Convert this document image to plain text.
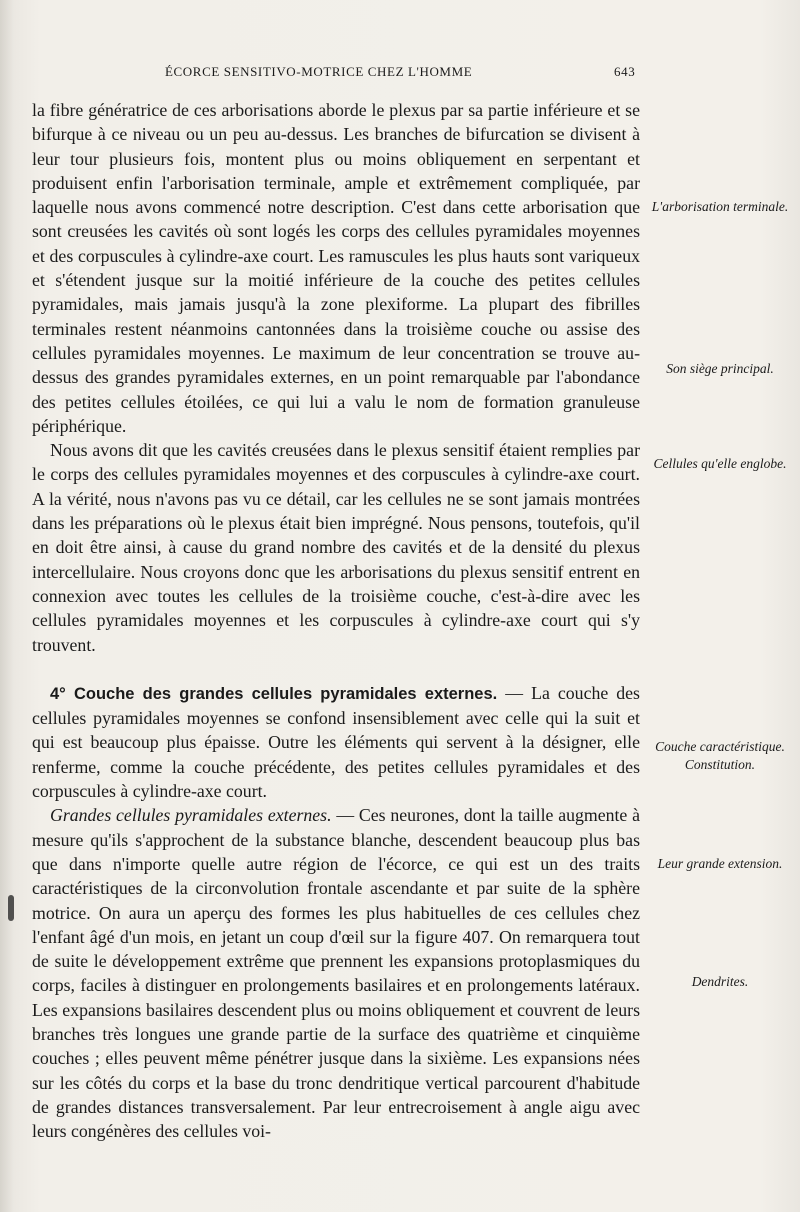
ÉCORCE SENSITIVO-MOTRICE CHEZ L'HOMME	643

la fibre génératrice de ces arborisations aborde le plexus par sa partie inférieure et se bifurque à ce niveau ou un peu au-dessus. Les branches de bifurcation se divisent à leur tour plusieurs fois, montent plus ou moins obliquement en serpentant et produisent enfin l'arborisation terminale, ample et extrêmement compliquée, par laquelle nous avons commencé notre description. C'est dans cette arborisation que sont creusées les cavités où sont logés les corps des cellules pyramidales moyennes et des corpuscules à cylindre-axe court. Les ramuscules les plus hauts sont variqueux et s'étendent jusque sur la moitié inférieure de la couche des petites cellules pyramidales, mais jamais jusqu'à la zone plexiforme. La plupart des fibrilles terminales restent néanmoins cantonnées dans la troisième couche ou assise des cellules pyramidales moyennes. Le maximum de leur concentration se trouve au-dessus des grandes pyramidales externes, en un point remarquable par l'abondance des petites cellules étoilées, ce qui lui a valu le nom de formation granuleuse périphérique.

Nous avons dit que les cavités creusées dans le plexus sensitif étaient remplies par le corps des cellules pyramidales moyennes et des corpuscules à cylindre-axe court. A la vérité, nous n'avons pas vu ce détail, car les cellules ne se sont jamais montrées dans les préparations où le plexus était bien imprégné. Nous pensons, toutefois, qu'il en doit être ainsi, à cause du grand nombre des cavités et de la densité du plexus intercellulaire. Nous croyons donc que les arborisations du plexus sensitif entrent en connexion avec toutes les cellules de la troisième couche, c'est-à-dire avec les cellules pyramidales moyennes et les corpuscules à cylindre-axe court qui s'y trouvent.

4° Couche des grandes cellules pyramidales externes. — La couche des cellules pyramidales moyennes se confond insensiblement avec celle qui la suit et qui est beaucoup plus épaisse. Outre les éléments qui servent à la désigner, elle renferme, comme la couche précédente, des petites cellules pyramidales et des corpuscules à cylindre-axe court.

Grandes cellules pyramidales externes. — Ces neurones, dont la taille augmente à mesure qu'ils s'approchent de la substance blanche, descendent beaucoup plus bas que dans n'importe quelle autre région de l'écorce, ce qui est un des traits caractéristiques de la circonvolution frontale ascendante et par suite de la sphère motrice. On aura un aperçu des formes les plus habituelles de ces cellules chez l'enfant âgé d'un mois, en jetant un coup d'œil sur la figure 407. On remarquera tout de suite le développement extrême que prennent les expansions protoplasmiques du corps, faciles à distinguer en prolongements basilaires et en prolongements latéraux. Les expansions basilaires descendent plus ou moins obliquement et couvrent de leurs branches très longues une grande partie de la surface des quatrième et cinquième couches ; elles peuvent même pénétrer jusque dans la sixième. Les expansions nées sur les côtés du corps et la base du tronc dendritique vertical parcourent d'habitude de grandes distances transversalement. Par leur entrecroisement à angle aigu avec leurs congénères des cellules voi-

L'arborisation terminale.
Son siège principal.
Cellules qu'elle englobe.
Couche caractéristique. Constitution.
Leur grande extension.
Dendrites.
